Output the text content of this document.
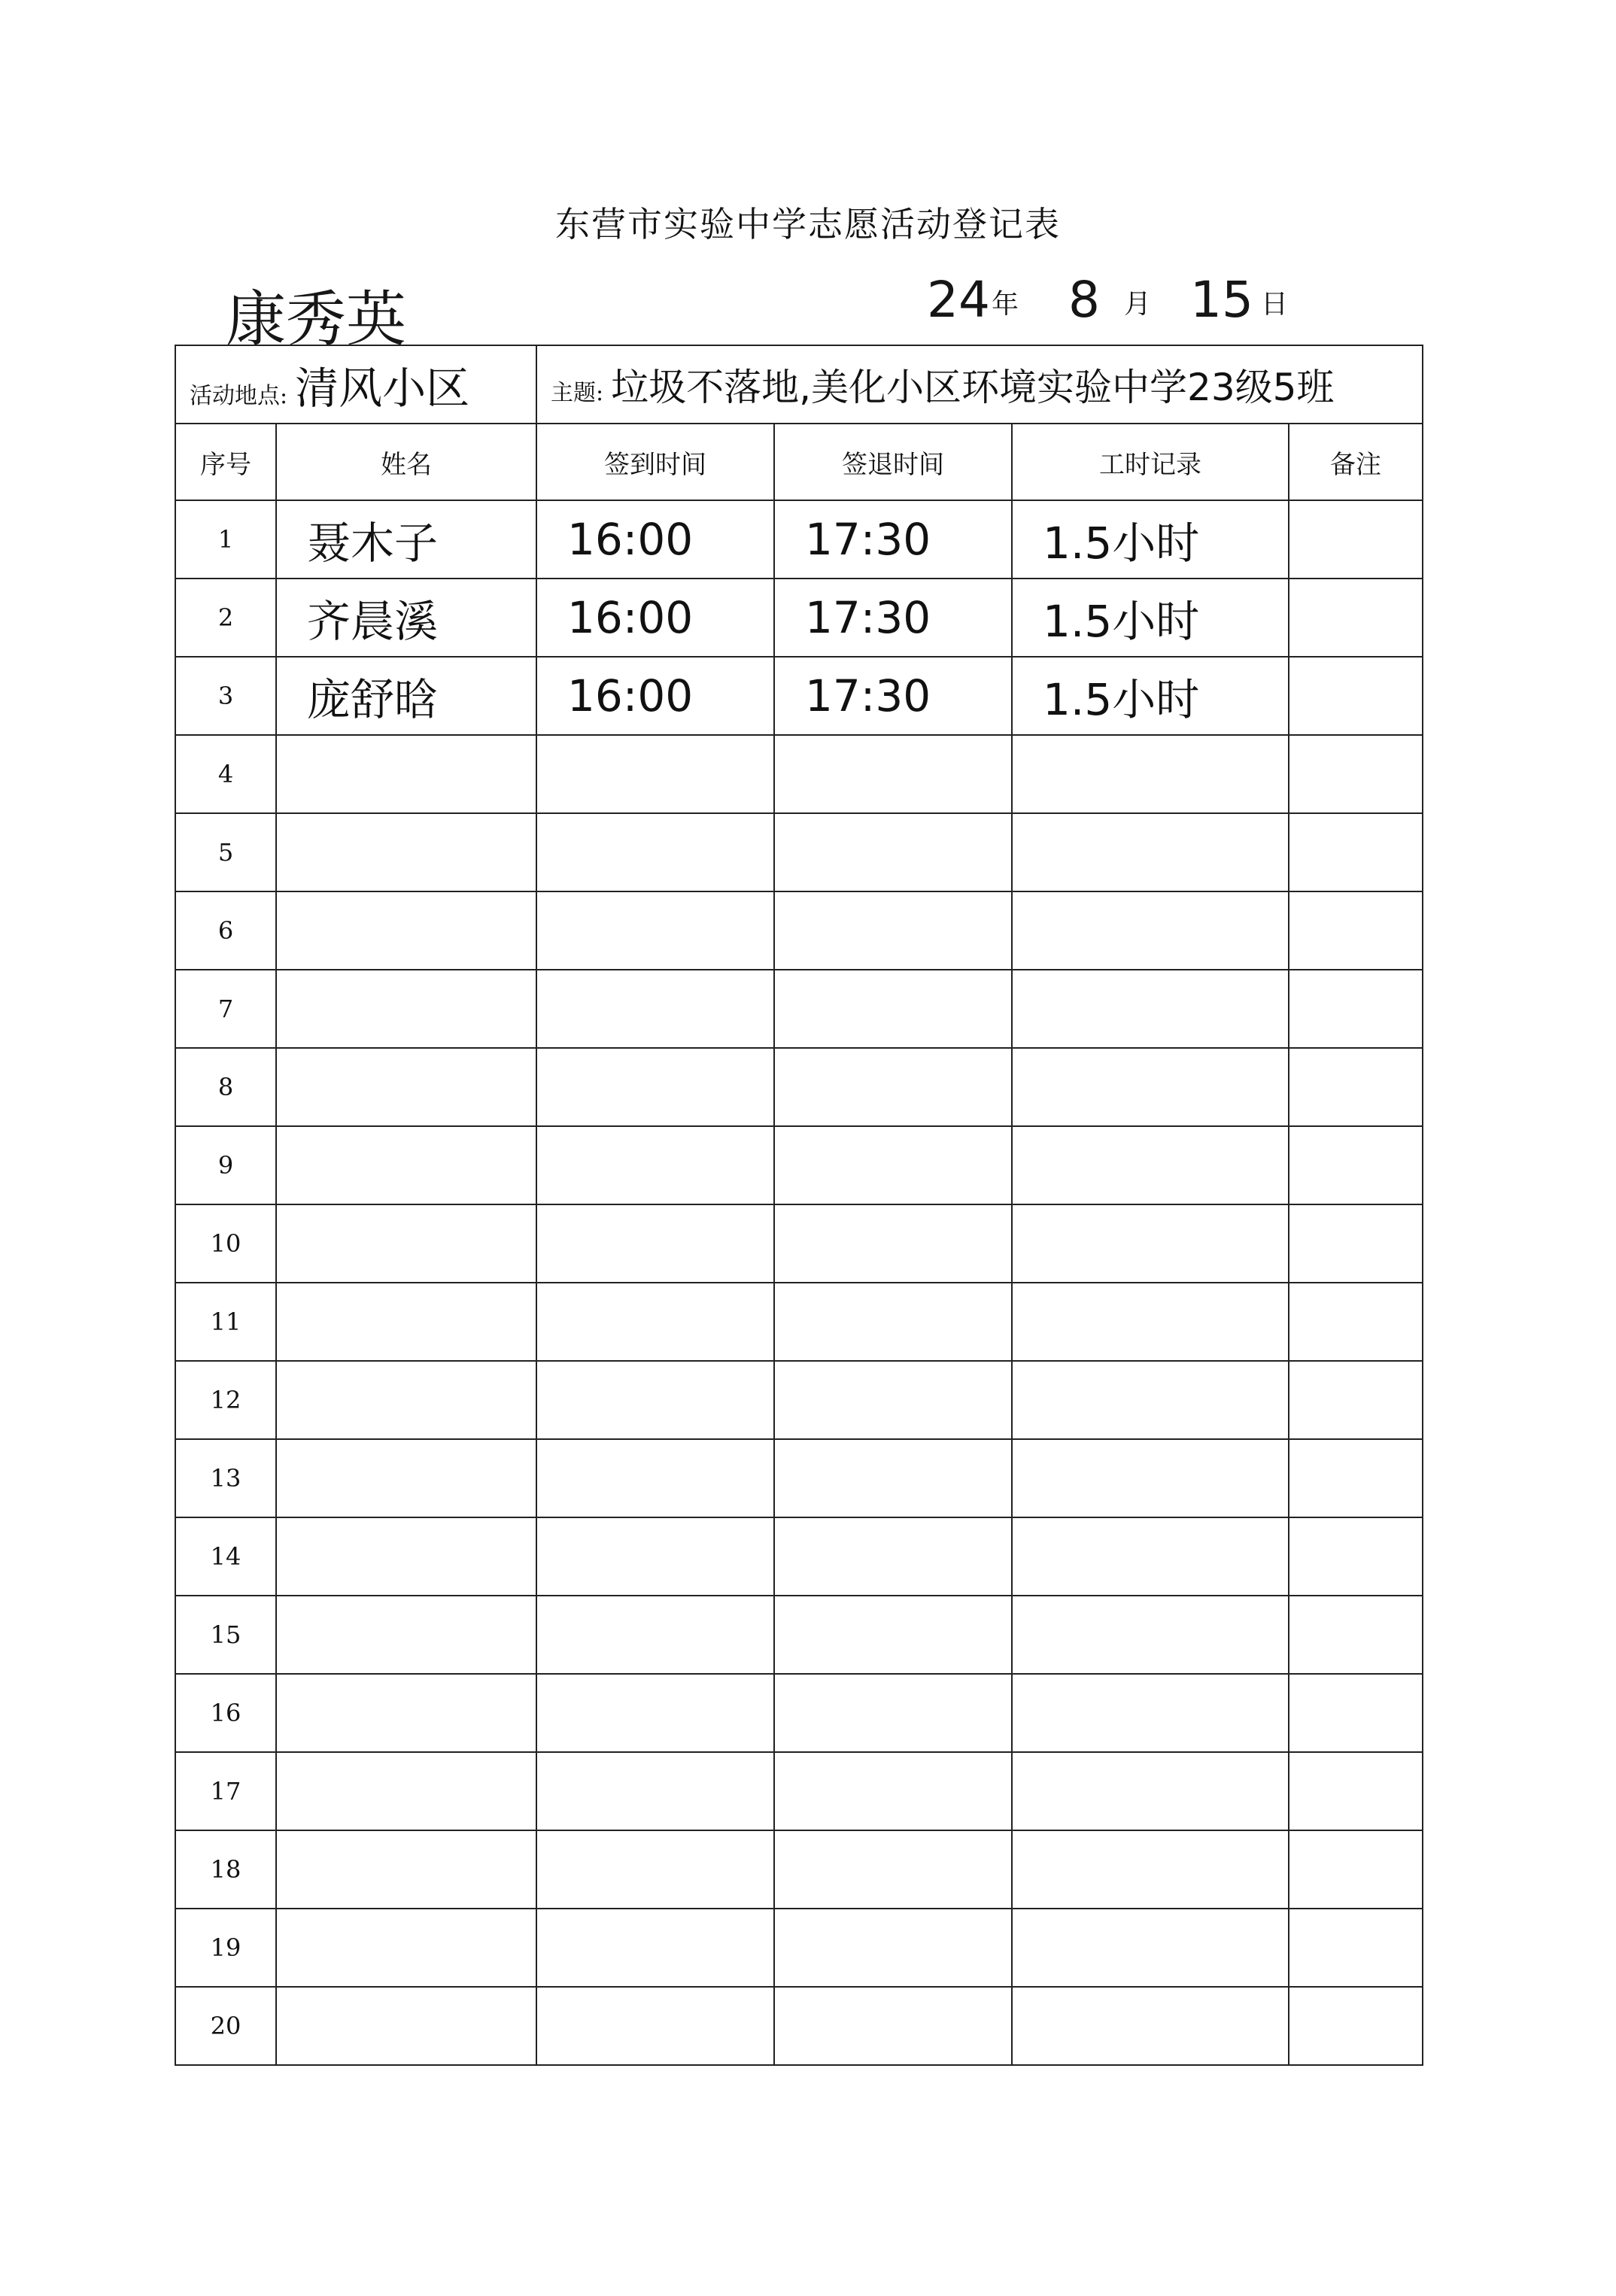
东营市实验中学志愿活动登记表
康秀英	24 年 8 月 15 日
活动地点: 清风小区		主题: 垃圾不落地,美化小区环境实验中学23级5班			
序号	姓名	签到时间	签退时间	工时记录	备注
1	聂木子	16:00	17:30	1.5小时	
2	齐晨溪	16:00	17:30	1.5小时	
3	庞舒晗	16:00	17:30	1.5小时	
4					
5					
6					
7					
8					
9					
10					
11					
12					
13					
14					
15					
16					
17					
18					
19					
20					
